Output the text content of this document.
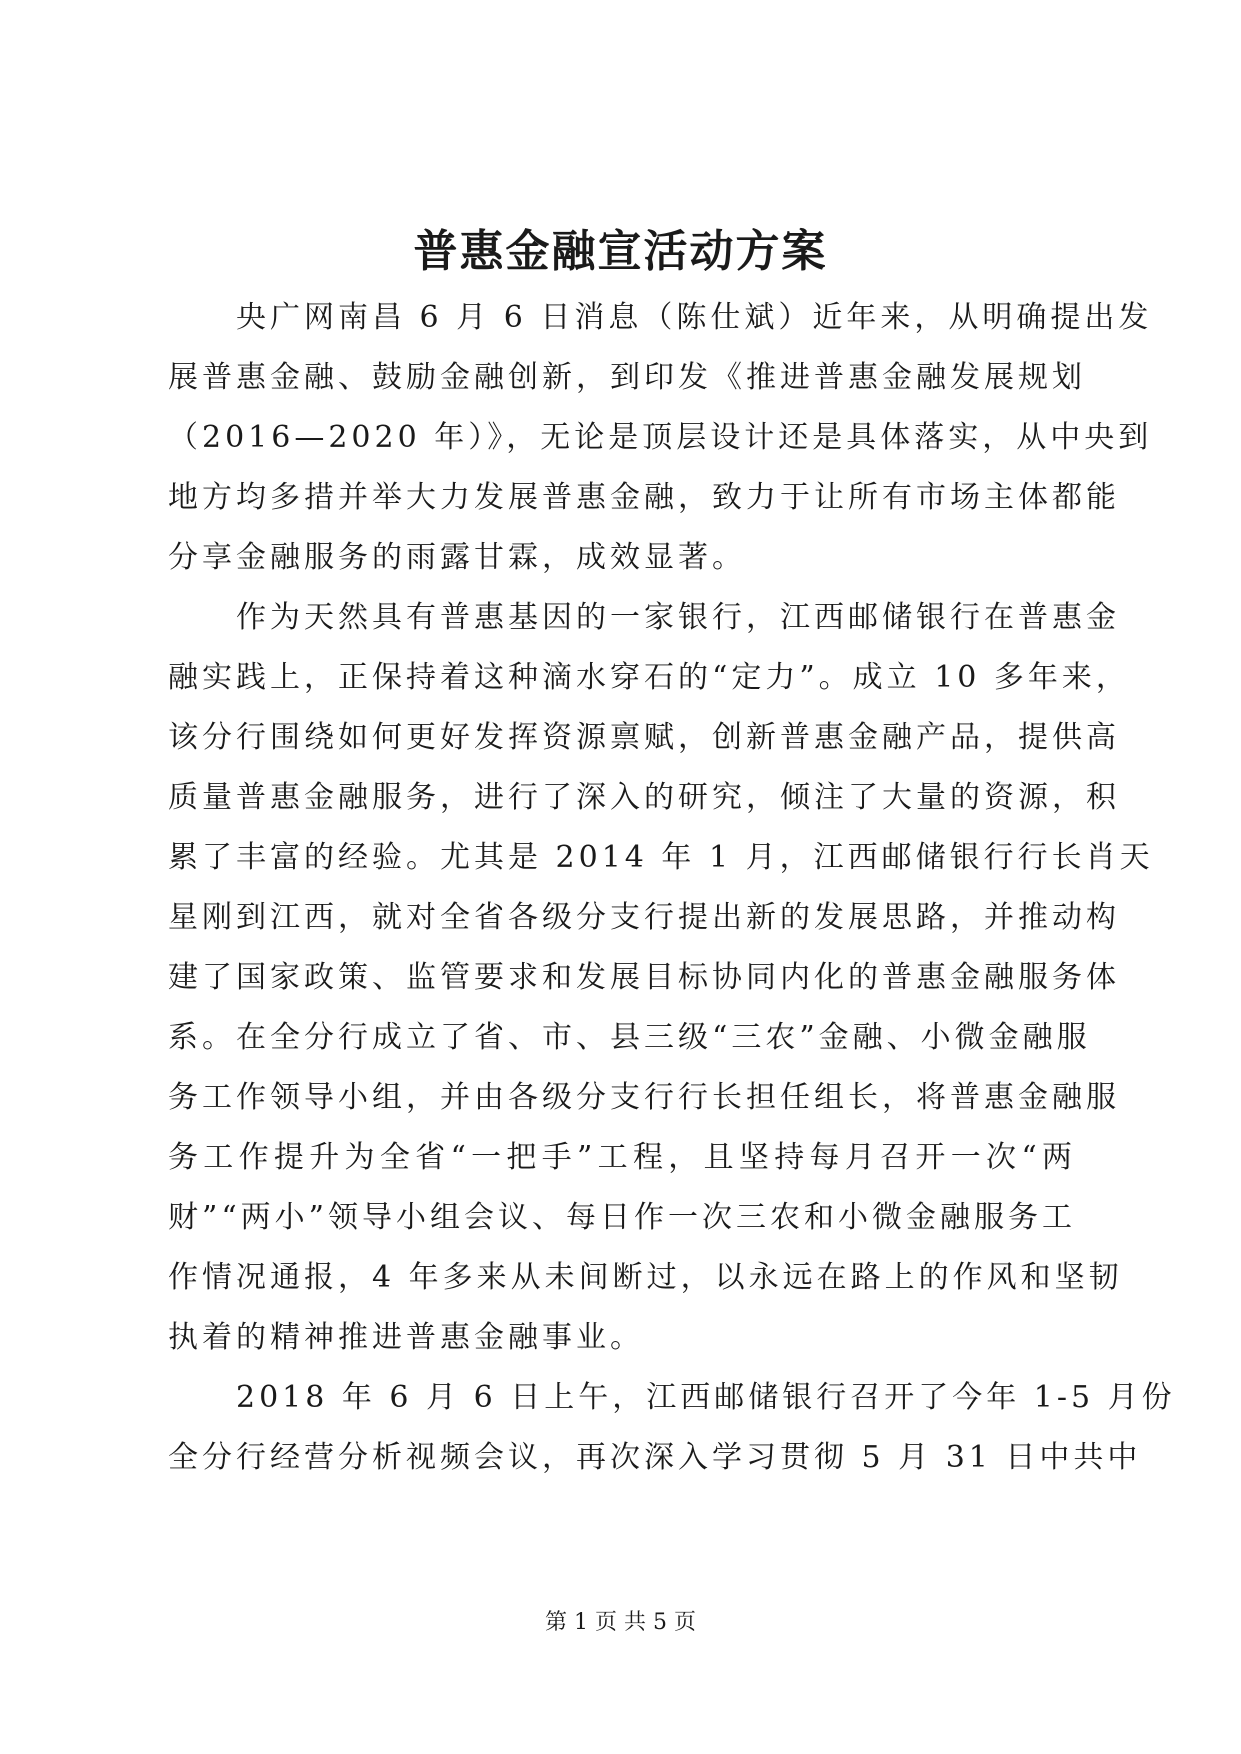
普惠金融宣活动方案

　　央广网南昌 6 月 6 日消息（陈仕斌）近年来，从明确提出发
展普惠金融、鼓励金融创新，到印发《推进普惠金融发展规划
（2016—2020 年）》，无论是顶层设计还是具体落实，从中央到
地方均多措并举大力发展普惠金融，致力于让所有市场主体都能
分享金融服务的雨露甘霖，成效显著。

　　作为天然具有普惠基因的一家银行，江西邮储银行在普惠金
融实践上，正保持着这种滴水穿石的“定力”。成立 10 多年来，
该分行围绕如何更好发挥资源禀赋，创新普惠金融产品，提供高
质量普惠金融服务，进行了深入的研究，倾注了大量的资源，积
累了丰富的经验。尤其是 2014 年 1 月，江西邮储银行行长肖天
星刚到江西，就对全省各级分支行提出新的发展思路，并推动构
建了国家政策、监管要求和发展目标协同内化的普惠金融服务体
系。在全分行成立了省、市、县三级“三农”金融、小微金融服
务工作领导小组，并由各级分支行行长担任组长，将普惠金融服
务工作提升为全省“一把手”工程，且坚持每月召开一次“两
财”“两小”领导小组会议、每日作一次三农和小微金融服务工
作情况通报，4 年多来从未间断过，以永远在路上的作风和坚韧
执着的精神推进普惠金融事业。

　　2018 年 6 月 6 日上午，江西邮储银行召开了今年 1-5 月份
全分行经营分析视频会议，再次深入学习贯彻 5 月 31 日中共中

第 1 页 共 5 页
